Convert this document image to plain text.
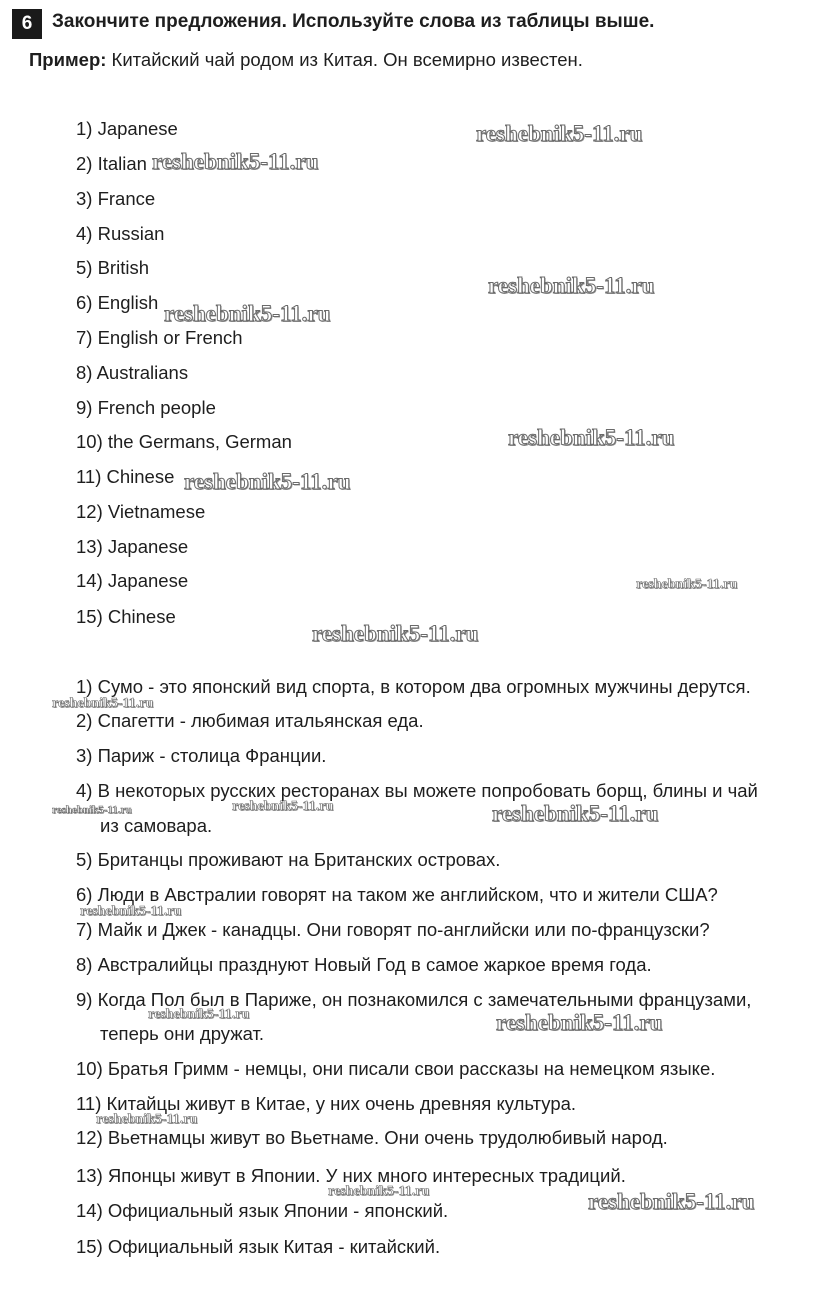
6	Закончите предложения. Используйте слова из таблицы выше.
Пример: Китайский чай родом из Китая. Он всемирно известен.
1) Japanese
2) Italian
3) France
4) Russian
5) British
6) English
7) English or French
8) Australians
9) French people
10) the Germans, German
11) Chinese
12) Vietnamese
13) Japanese
14) Japanese
15) Chinese
1) Сумо - это японский вид спорта, в котором два огромных мужчины дерутся.
2) Спагетти - любимая итальянская еда.
3) Париж - столица Франции.
4) В некоторых русских ресторанах вы можете попробовать борщ, блины и чай
из самовара.
5) Британцы проживают на Британских островах.
6) Люди в Австралии говорят на таком же английском, что и жители США?
7) Майк и Джек - канадцы. Они говорят по-английски или по-французски?
8) Австралийцы празднуют Новый Год в самое жаркое время года.
9) Когда Пол был в Париже, он познакомился с замечательными французами,
теперь они дружат.
10) Братья Гримм - немцы, они писали свои рассказы на немецком языке.
11) Китайцы живут в Китае, у них очень древняя культура.
12) Вьетнамцы живут во Вьетнаме. Они очень трудолюбивый народ.
13) Японцы живут в Японии. У них много интересных традиций.
14) Официальный язык Японии - японский.
15) Официальный язык Китая - китайский.
reshebnik5-11.ru
reshebnik5-11.ru
reshebnik5-11.ru
reshebnik5-11.ru
reshebnik5-11.ru
reshebnik5-11.ru
reshebnik5-11.ru
reshebnik5-11.ru
reshebnik5-11.ru
reshebnik5-11.ru	reshebnik5-11.ru	reshebnik5-11.ru
reshebnik5-11.ru
reshebnik5-11.ru	reshebnik5-11.ru
reshebnik5-11.ru
reshebnik5-11.ru	reshebnik5-11.ru
